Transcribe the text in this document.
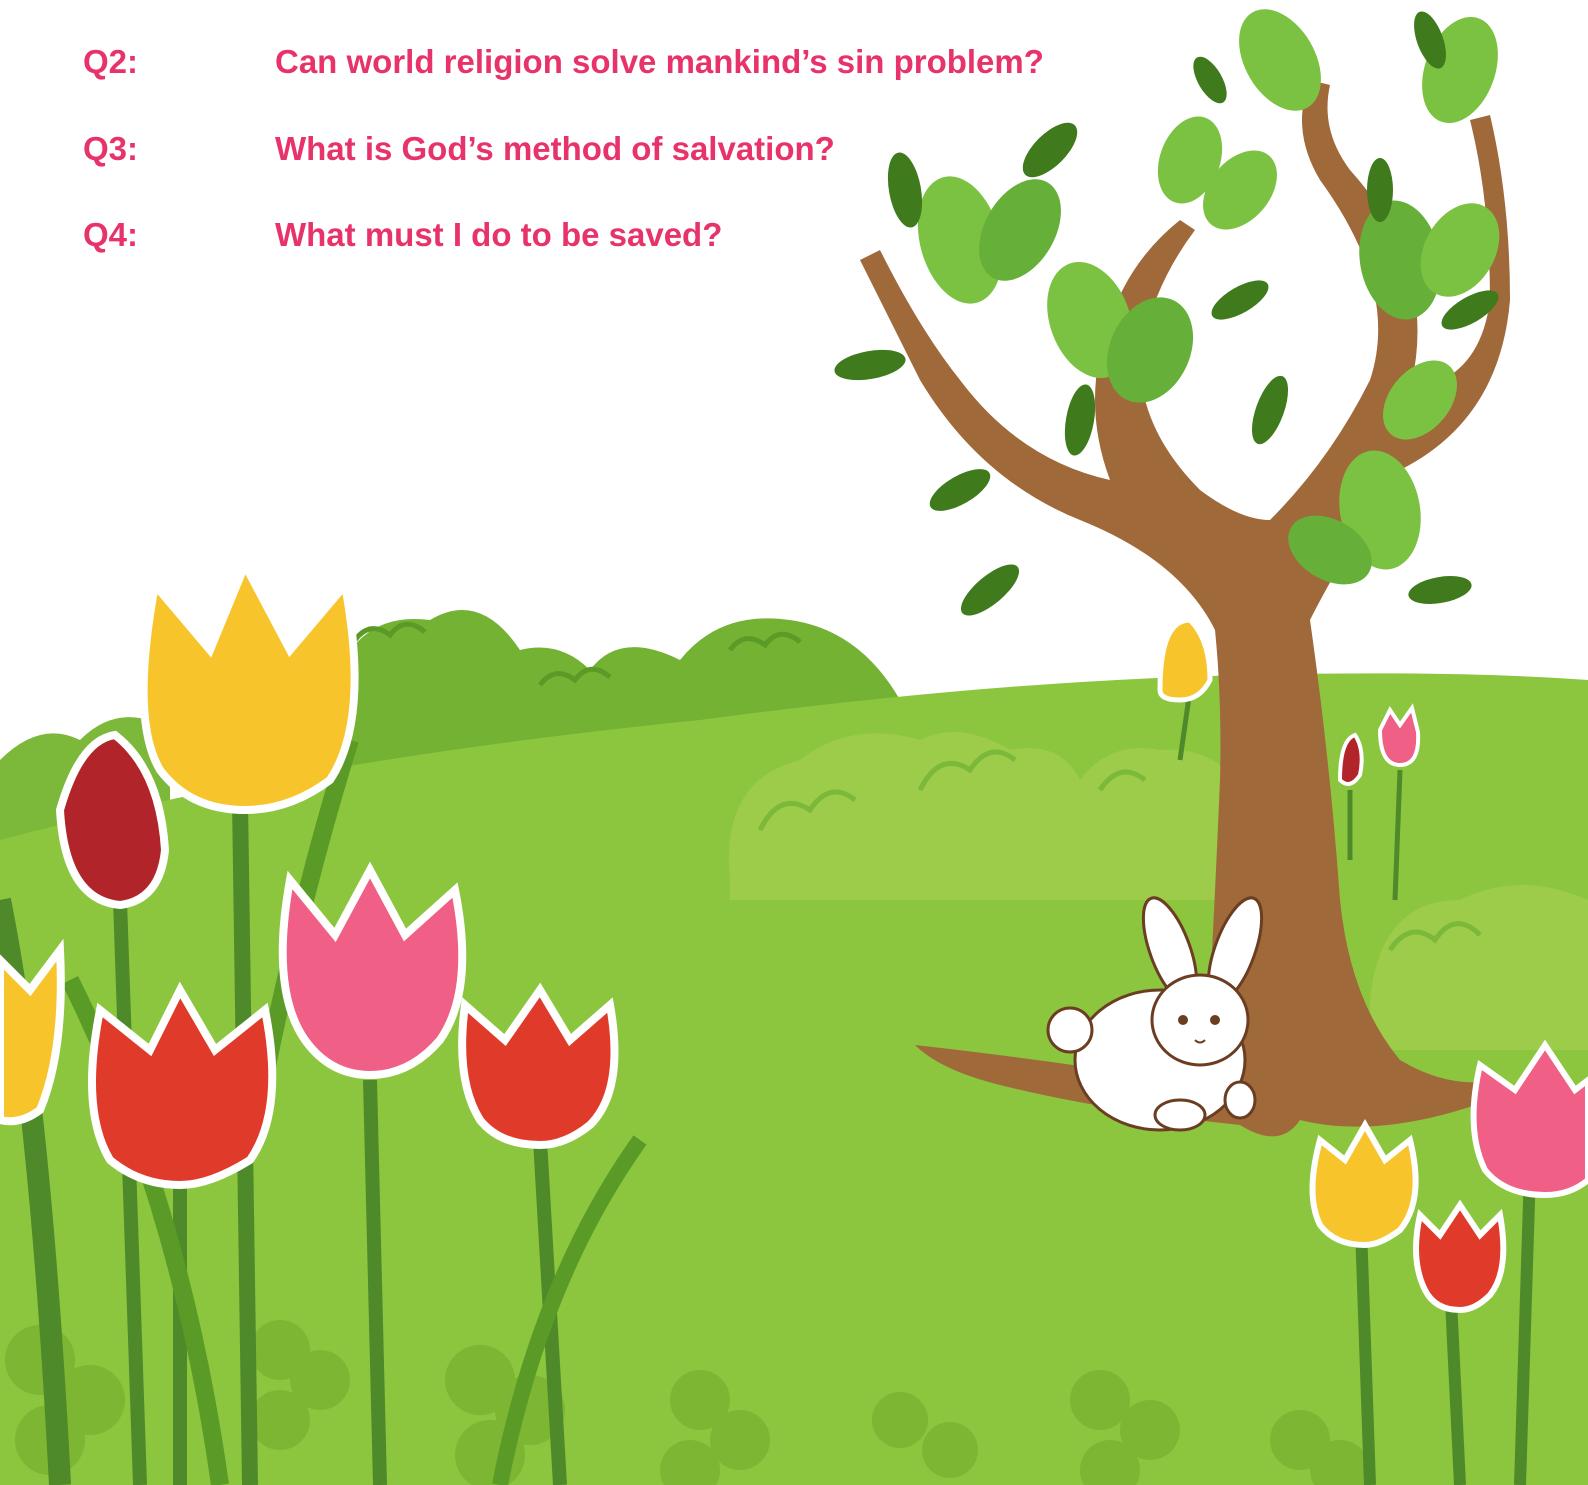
Q2:	Can world religion solve mankind’s sin problem?
Q3:	What is God’s method of salvation?
Q4:	What must I do to be saved?
